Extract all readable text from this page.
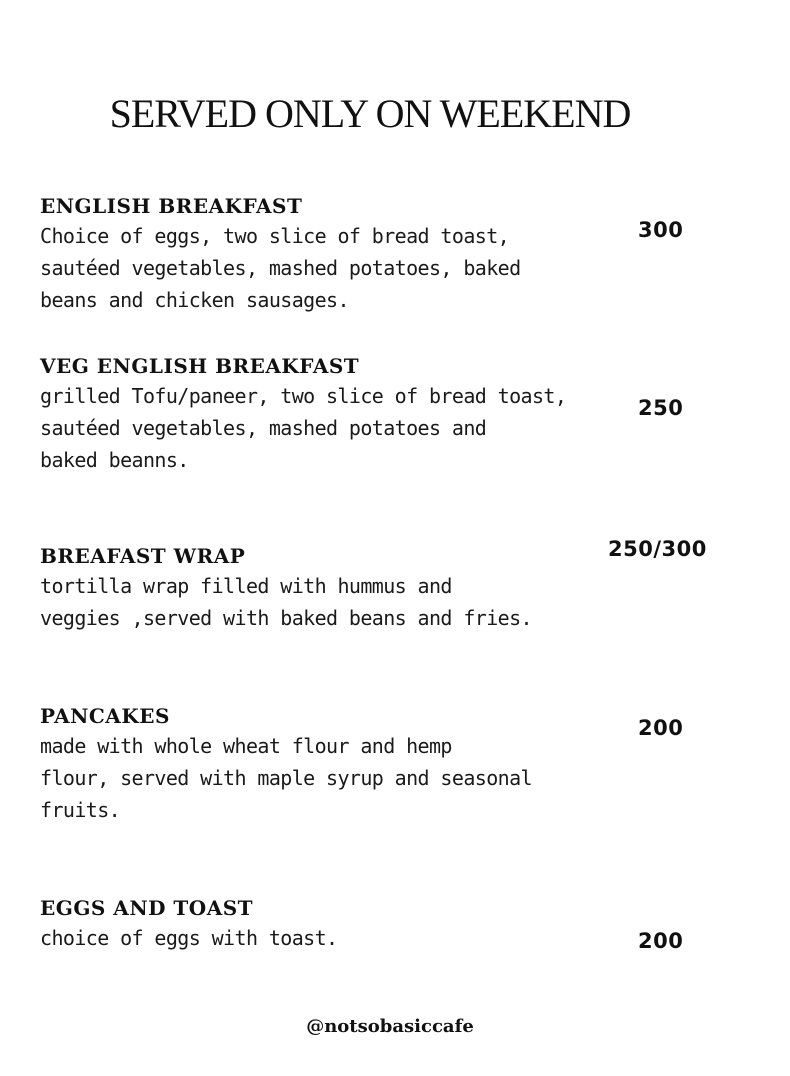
SERVED ONLY ON WEEKEND
ENGLISH BREAKFAST
Choice of eggs, two slice of bread toast,
sautéed vegetables, mashed potatoes, baked
beans and chicken sausages.
300
VEG ENGLISH BREAKFAST
grilled Tofu/paneer, two slice of bread toast,
sautéed vegetables, mashed potatoes and
baked beanns.
250
BREAFAST WRAP
tortilla wrap filled with hummus and
veggies ,served with baked beans and fries.
250/300
PANCAKES
made with whole wheat flour and hemp
flour, served with maple syrup and seasonal
fruits.
200
EGGS AND TOAST
choice of eggs with toast.	200
@notsobasiccafe
